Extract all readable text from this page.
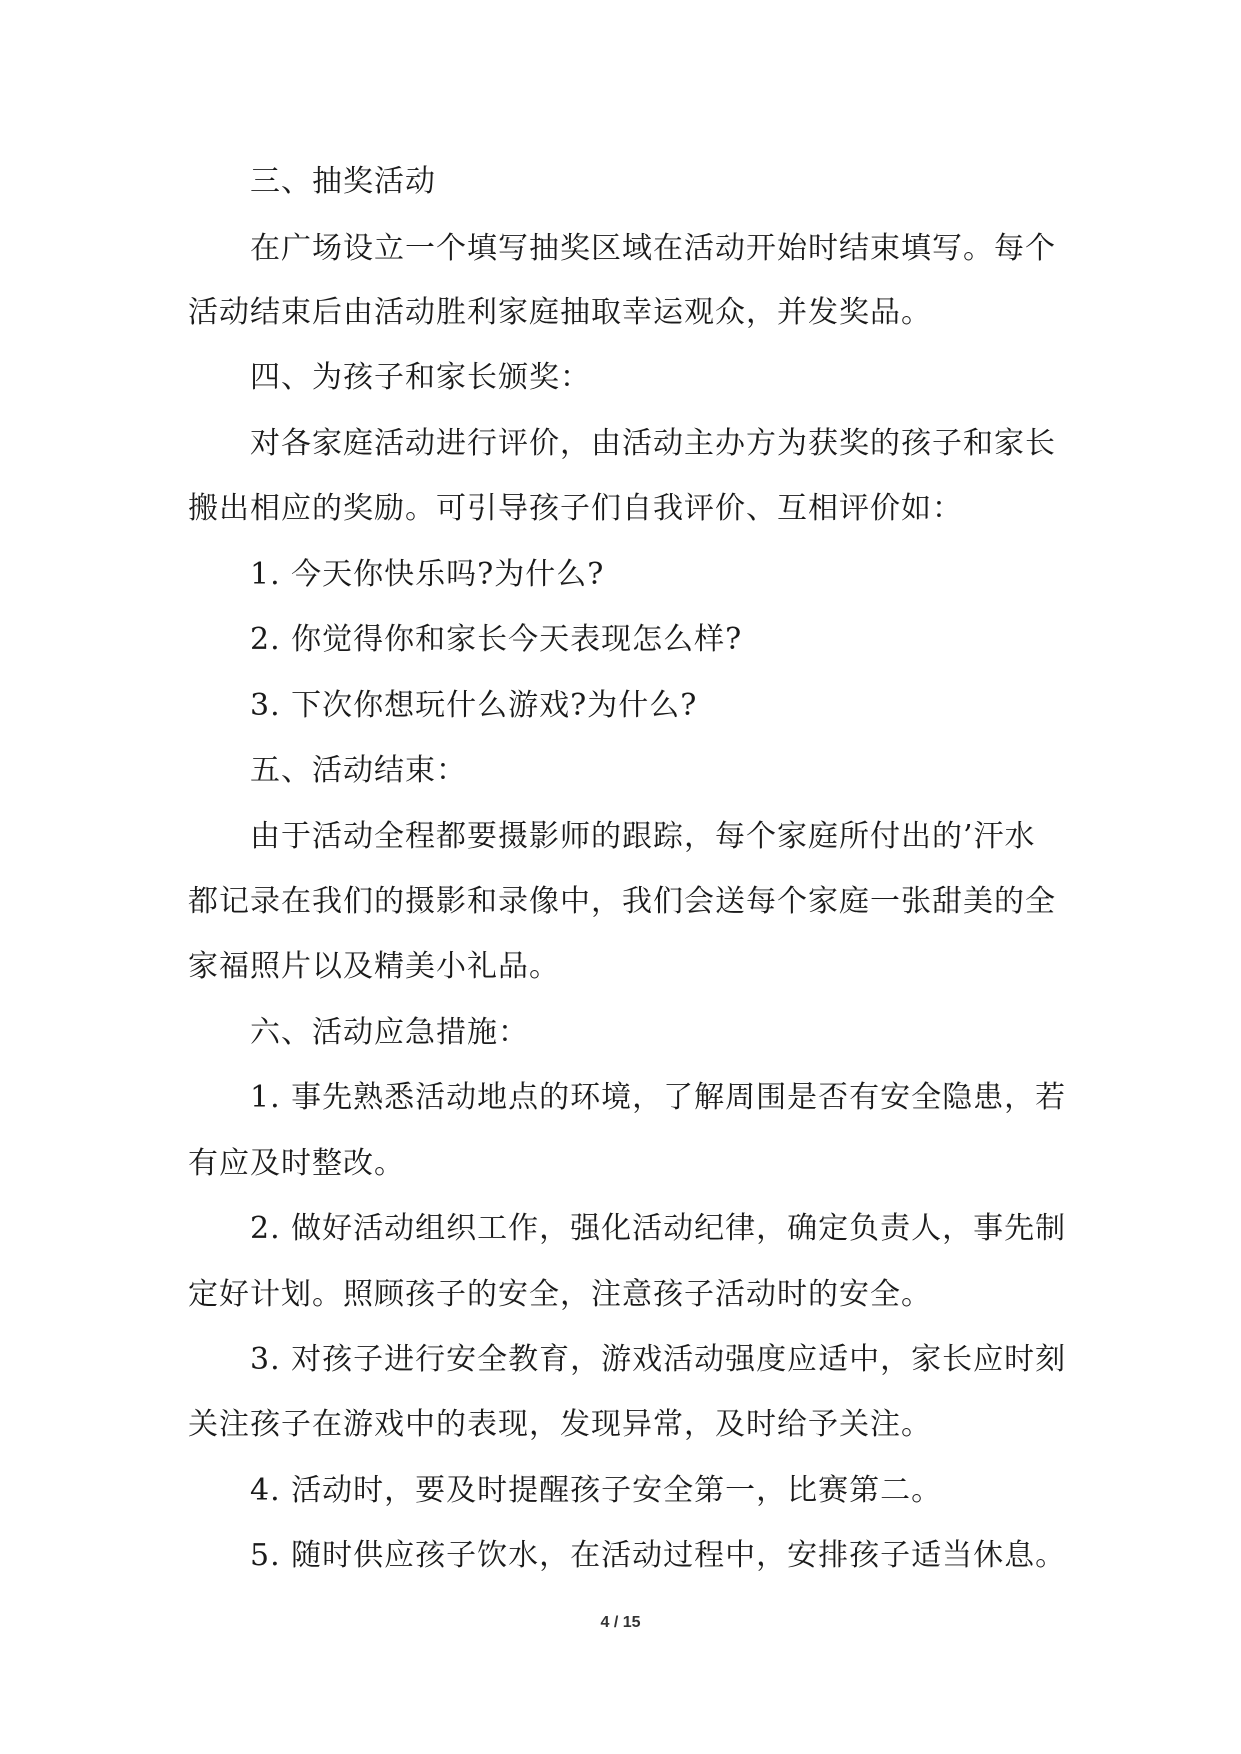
三、抽奖活动
在广场设立一个填写抽奖区域在活动开始时结束填写。每个
活动结束后由活动胜利家庭抽取幸运观众，并发奖品。
四、为孩子和家长颁奖：
对各家庭活动进行评价，由活动主办方为获奖的孩子和家长
搬出相应的奖励。可引导孩子们自我评价、互相评价如：
1. 今天你快乐吗?为什么?
2. 你觉得你和家长今天表现怎么样?
3. 下次你想玩什么游戏?为什么?
五、活动结束：
由于活动全程都要摄影师的跟踪，每个家庭所付出的’汗水
都记录在我们的摄影和录像中，我们会送每个家庭一张甜美的全
家福照片以及精美小礼品。
六、活动应急措施：
1. 事先熟悉活动地点的环境，了解周围是否有安全隐患，若
有应及时整改。
2. 做好活动组织工作，强化活动纪律，确定负责人，事先制
定好计划。照顾孩子的安全，注意孩子活动时的安全。
3. 对孩子进行安全教育，游戏活动强度应适中，家长应时刻
关注孩子在游戏中的表现，发现异常，及时给予关注。
4. 活动时，要及时提醒孩子安全第一，比赛第二。
5. 随时供应孩子饮水，在活动过程中，安排孩子适当休息。
4 / 15
